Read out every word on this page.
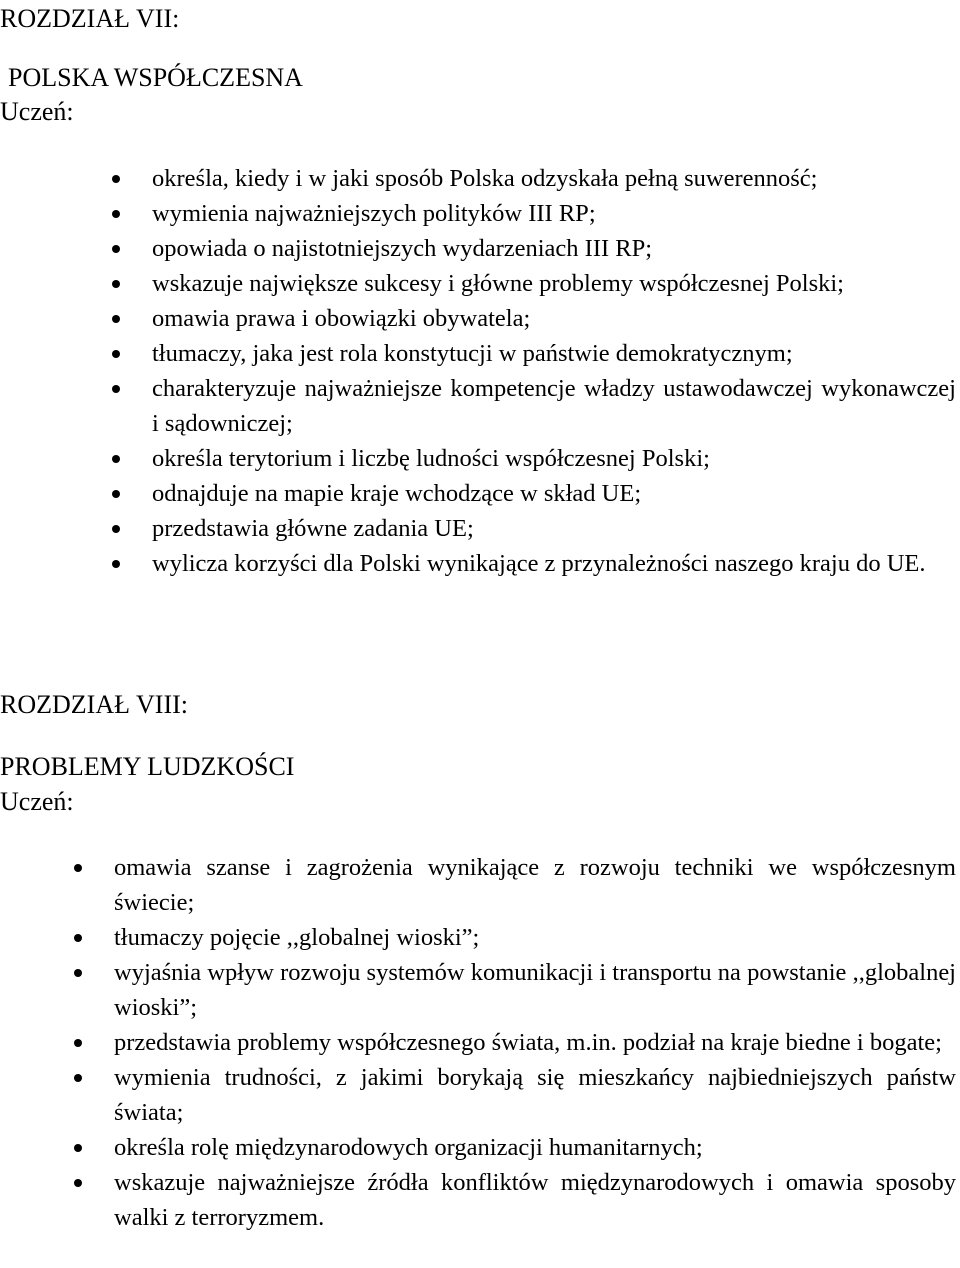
ROZDZIAŁ VII:
POLSKA WSPÓŁCZESNA
Uczeń:
określa, kiedy i w jaki sposób Polska odzyskała pełną suwerenność;
wymienia najważniejszych polityków III RP;
opowiada o najistotniejszych wydarzeniach III RP;
wskazuje największe sukcesy i główne problemy współczesnej Polski;
omawia prawa i obowiązki obywatela;
tłumaczy, jaka jest rola konstytucji w państwie demokratycznym;
charakteryzuje najważniejsze kompetencje władzy ustawodawczej wykonawczej i sądowniczej;
określa terytorium i liczbę ludności współczesnej Polski;
odnajduje na mapie kraje wchodzące w skład UE;
przedstawia główne zadania UE;
wylicza korzyści dla Polski wynikające z przynależności naszego kraju do UE.
ROZDZIAŁ VIII:
PROBLEMY LUDZKOŚCI
Uczeń:
omawia szanse i zagrożenia wynikające z rozwoju techniki we współczesnym świecie;
tłumaczy pojęcie ,,globalnej wioski”;
wyjaśnia wpływ rozwoju systemów komunikacji i transportu na powstanie ,,globalnej wioski”;
przedstawia problemy współczesnego świata, m.in. podział na kraje biedne i bogate;
wymienia trudności, z jakimi borykają się mieszkańcy najbiedniejszych państw świata;
określa rolę międzynarodowych organizacji humanitarnych;
wskazuje najważniejsze źródła konfliktów międzynarodowych i omawia sposoby walki z terroryzmem.
